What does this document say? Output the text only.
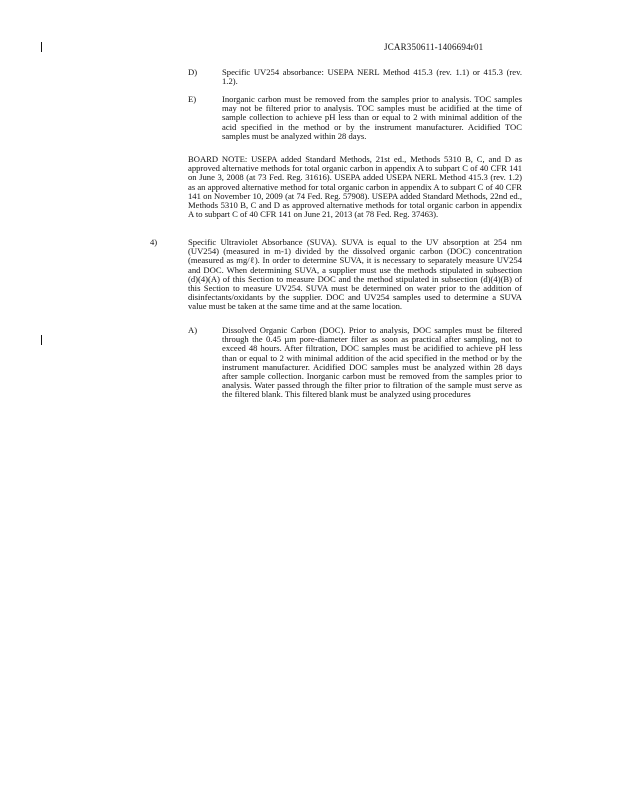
JCAR350611-1406694r01
D)	Specific UV254 absorbance: USEPA NERL Method 415.3 (rev. 1.1) or 415.3 (rev. 1.2).
E)	Inorganic carbon must be removed from the samples prior to analysis. TOC samples may not be filtered prior to analysis. TOC samples must be acidified at the time of sample collection to achieve pH less than or equal to 2 with minimal addition of the acid specified in the method or by the instrument manufacturer. Acidified TOC samples must be analyzed within 28 days.
BOARD NOTE: USEPA added Standard Methods, 21st ed., Methods 5310 B, C, and D as approved alternative methods for total organic carbon in appendix A to subpart C of 40 CFR 141 on June 3, 2008 (at 73 Fed. Reg. 31616). USEPA added USEPA NERL Method 415.3 (rev. 1.2) as an approved alternative method for total organic carbon in appendix A to subpart C of 40 CFR 141 on November 10, 2009 (at 74 Fed. Reg. 57908). USEPA added Standard Methods, 22nd ed., Methods 5310 B, C and D as approved alternative methods for total organic carbon in appendix A to subpart C of 40 CFR 141 on June 21, 2013 (at 78 Fed. Reg. 37463).
4)	Specific Ultraviolet Absorbance (SUVA). SUVA is equal to the UV absorption at 254 nm (UV254) (measured in m-1) divided by the dissolved organic carbon (DOC) concentration (measured as mg/ℓ). In order to determine SUVA, it is necessary to separately measure UV254 and DOC. When determining SUVA, a supplier must use the methods stipulated in subsection (d)(4)(A) of this Section to measure DOC and the method stipulated in subsection (d)(4)(B) of this Section to measure UV254. SUVA must be determined on water prior to the addition of disinfectants/oxidants by the supplier. DOC and UV254 samples used to determine a SUVA value must be taken at the same time and at the same location.
A)	Dissolved Organic Carbon (DOC). Prior to analysis, DOC samples must be filtered through the 0.45 µm pore-diameter filter as soon as practical after sampling, not to exceed 48 hours. After filtration, DOC samples must be acidified to achieve pH less than or equal to 2 with minimal addition of the acid specified in the method or by the instrument manufacturer. Acidified DOC samples must be analyzed within 28 days after sample collection. Inorganic carbon must be removed from the samples prior to analysis. Water passed through the filter prior to filtration of the sample must serve as the filtered blank. This filtered blank must be analyzed using procedures
